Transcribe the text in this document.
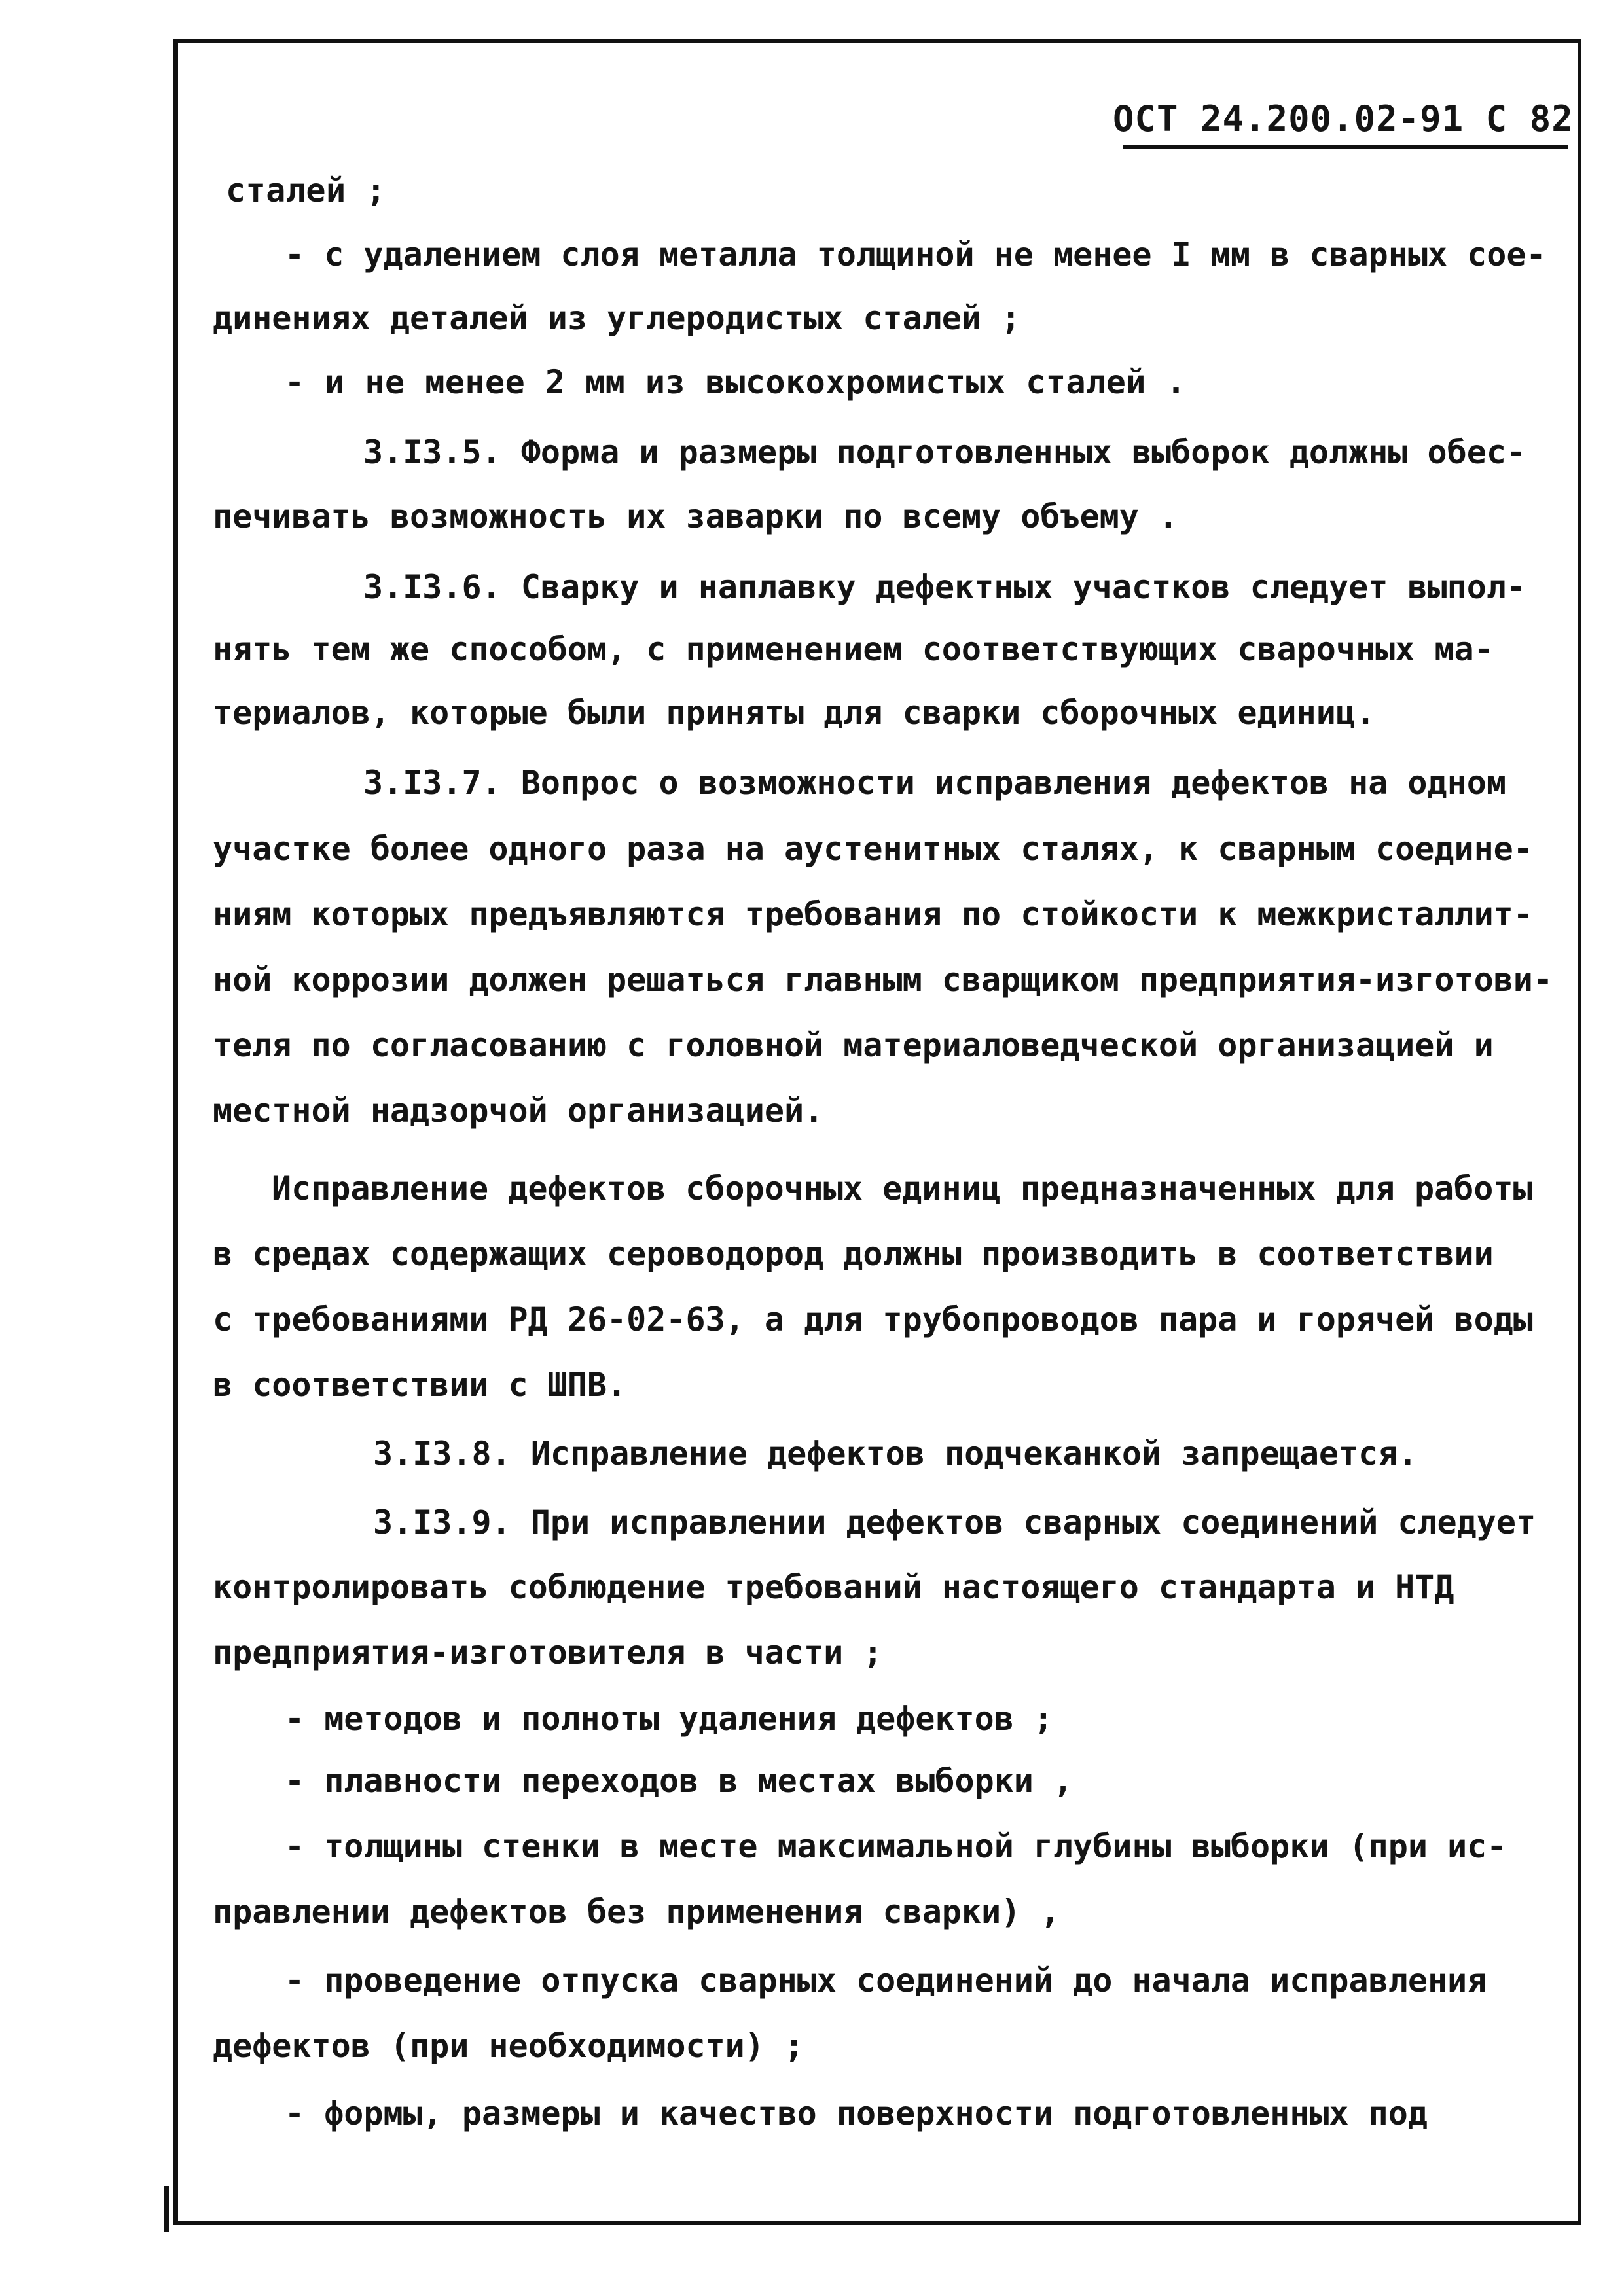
ОСТ 24.200.02-91 С 82
сталей ;
- с удалением слоя металла толщиной не менее I мм в сварных сое-
динениях деталей из углеродистых сталей ;
- и не менее 2 мм из высокохромистых сталей .
3.I3.5. Форма и размеры подготовленных выборок должны обес-
печивать возможность их заварки по всему объему .
3.I3.6. Сварку и наплавку дефектных участков следует выпол-
нять тем же способом, с применением соответствующих сварочных ма-
териалов, которые были приняты для сварки сборочных единиц.
3.I3.7. Вопрос о возможности исправления дефектов на одном
участке более одного раза на аустенитных сталях, к сварным соедине-
ниям которых предъявляются требования по стойкости к межкристаллит-
ной коррозии должен решаться главным сварщиком предприятия-изготови-
теля по согласованию с головной материаловедческой организацией и
местной надзорчой организацией.
Исправление дефектов сборочных единиц предназначенных для работы
в средах содержащих сероводород должны производить в соответствии
с требованиями РД 26-02-63, а для трубопроводов пара и горячей воды
в соответствии с ШПВ.
3.I3.8. Исправление дефектов подчеканкой запрещается.
3.I3.9. При исправлении дефектов сварных соединений следует
контролировать соблюдение требований настоящего стандарта и НТД
предприятия-изготовителя в части ;
- методов и полноты удаления дефектов ;
- плавности переходов в местах выборки ,
- толщины стенки в месте максимальной глубины выборки (при ис-
правлении дефектов без применения сварки) ,
- проведение отпуска сварных соединений до начала исправления
дефектов (при необходимости) ;
- формы, размеры и качество поверхности подготовленных под
